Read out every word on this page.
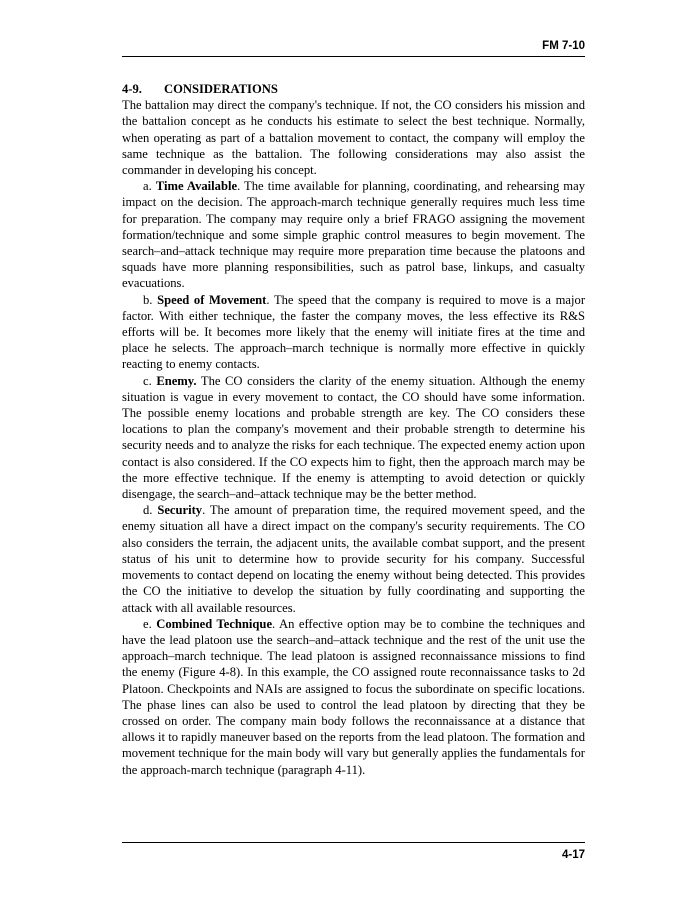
FM 7-10

4-9. CONSIDERATIONS

The battalion may direct the company's technique. If not, the CO considers his mission and the battalion concept as he conducts his estimate to select the best technique. Normally, when operating as part of a battalion movement to contact, the company will employ the same technique as the battalion. The following considerations may also assist the commander in developing his concept.

a. Time Available. The time available for planning, coordinating, and rehearsing may impact on the decision. The approach-march technique generally requires much less time for preparation. The company may require only a brief FRAGO assigning the movement formation/technique and some simple graphic control measures to begin movement. The search–and–attack technique may require more preparation time because the platoons and squads have more planning responsibilities, such as patrol base, linkups, and casualty evacuations.

b. Speed of Movement. The speed that the company is required to move is a major factor. With either technique, the faster the company moves, the less effective its R&S efforts will be. It becomes more likely that the enemy will initiate fires at the time and place he selects. The approach–march technique is normally more effective in quickly reacting to enemy contacts.

c. Enemy. The CO considers the clarity of the enemy situation. Although the enemy situation is vague in every movement to contact, the CO should have some information. The possible enemy locations and probable strength are key. The CO considers these locations to plan the company's movement and their probable strength to determine his security needs and to analyze the risks for each technique. The expected enemy action upon contact is also considered. If the CO expects him to fight, then the approach march may be the more effective technique. If the enemy is attempting to avoid detection or quickly disengage, the search–and–attack technique may be the better method.

d. Security. The amount of preparation time, the required movement speed, and the enemy situation all have a direct impact on the company's security requirements. The CO also considers the terrain, the adjacent units, the available combat support, and the present status of his unit to determine how to provide security for his company. Successful movements to contact depend on locating the enemy without being detected. This provides the CO the initiative to develop the situation by fully coordinating and supporting the attack with all available resources.

e. Combined Technique. An effective option may be to combine the techniques and have the lead platoon use the search–and–attack technique and the rest of the unit use the approach–march technique. The lead platoon is assigned reconnaissance missions to find the enemy (Figure 4-8). In this example, the CO assigned route reconnaissance tasks to 2d Platoon. Checkpoints and NAIs are assigned to focus the subordinate on specific locations. The phase lines can also be used to control the lead platoon by directing that they be crossed on order. The company main body follows the reconnaissance at a distance that allows it to rapidly maneuver based on the reports from the lead platoon. The formation and movement technique for the main body will vary but generally applies the fundamentals for the approach-march technique (paragraph 4-11).

4-17
